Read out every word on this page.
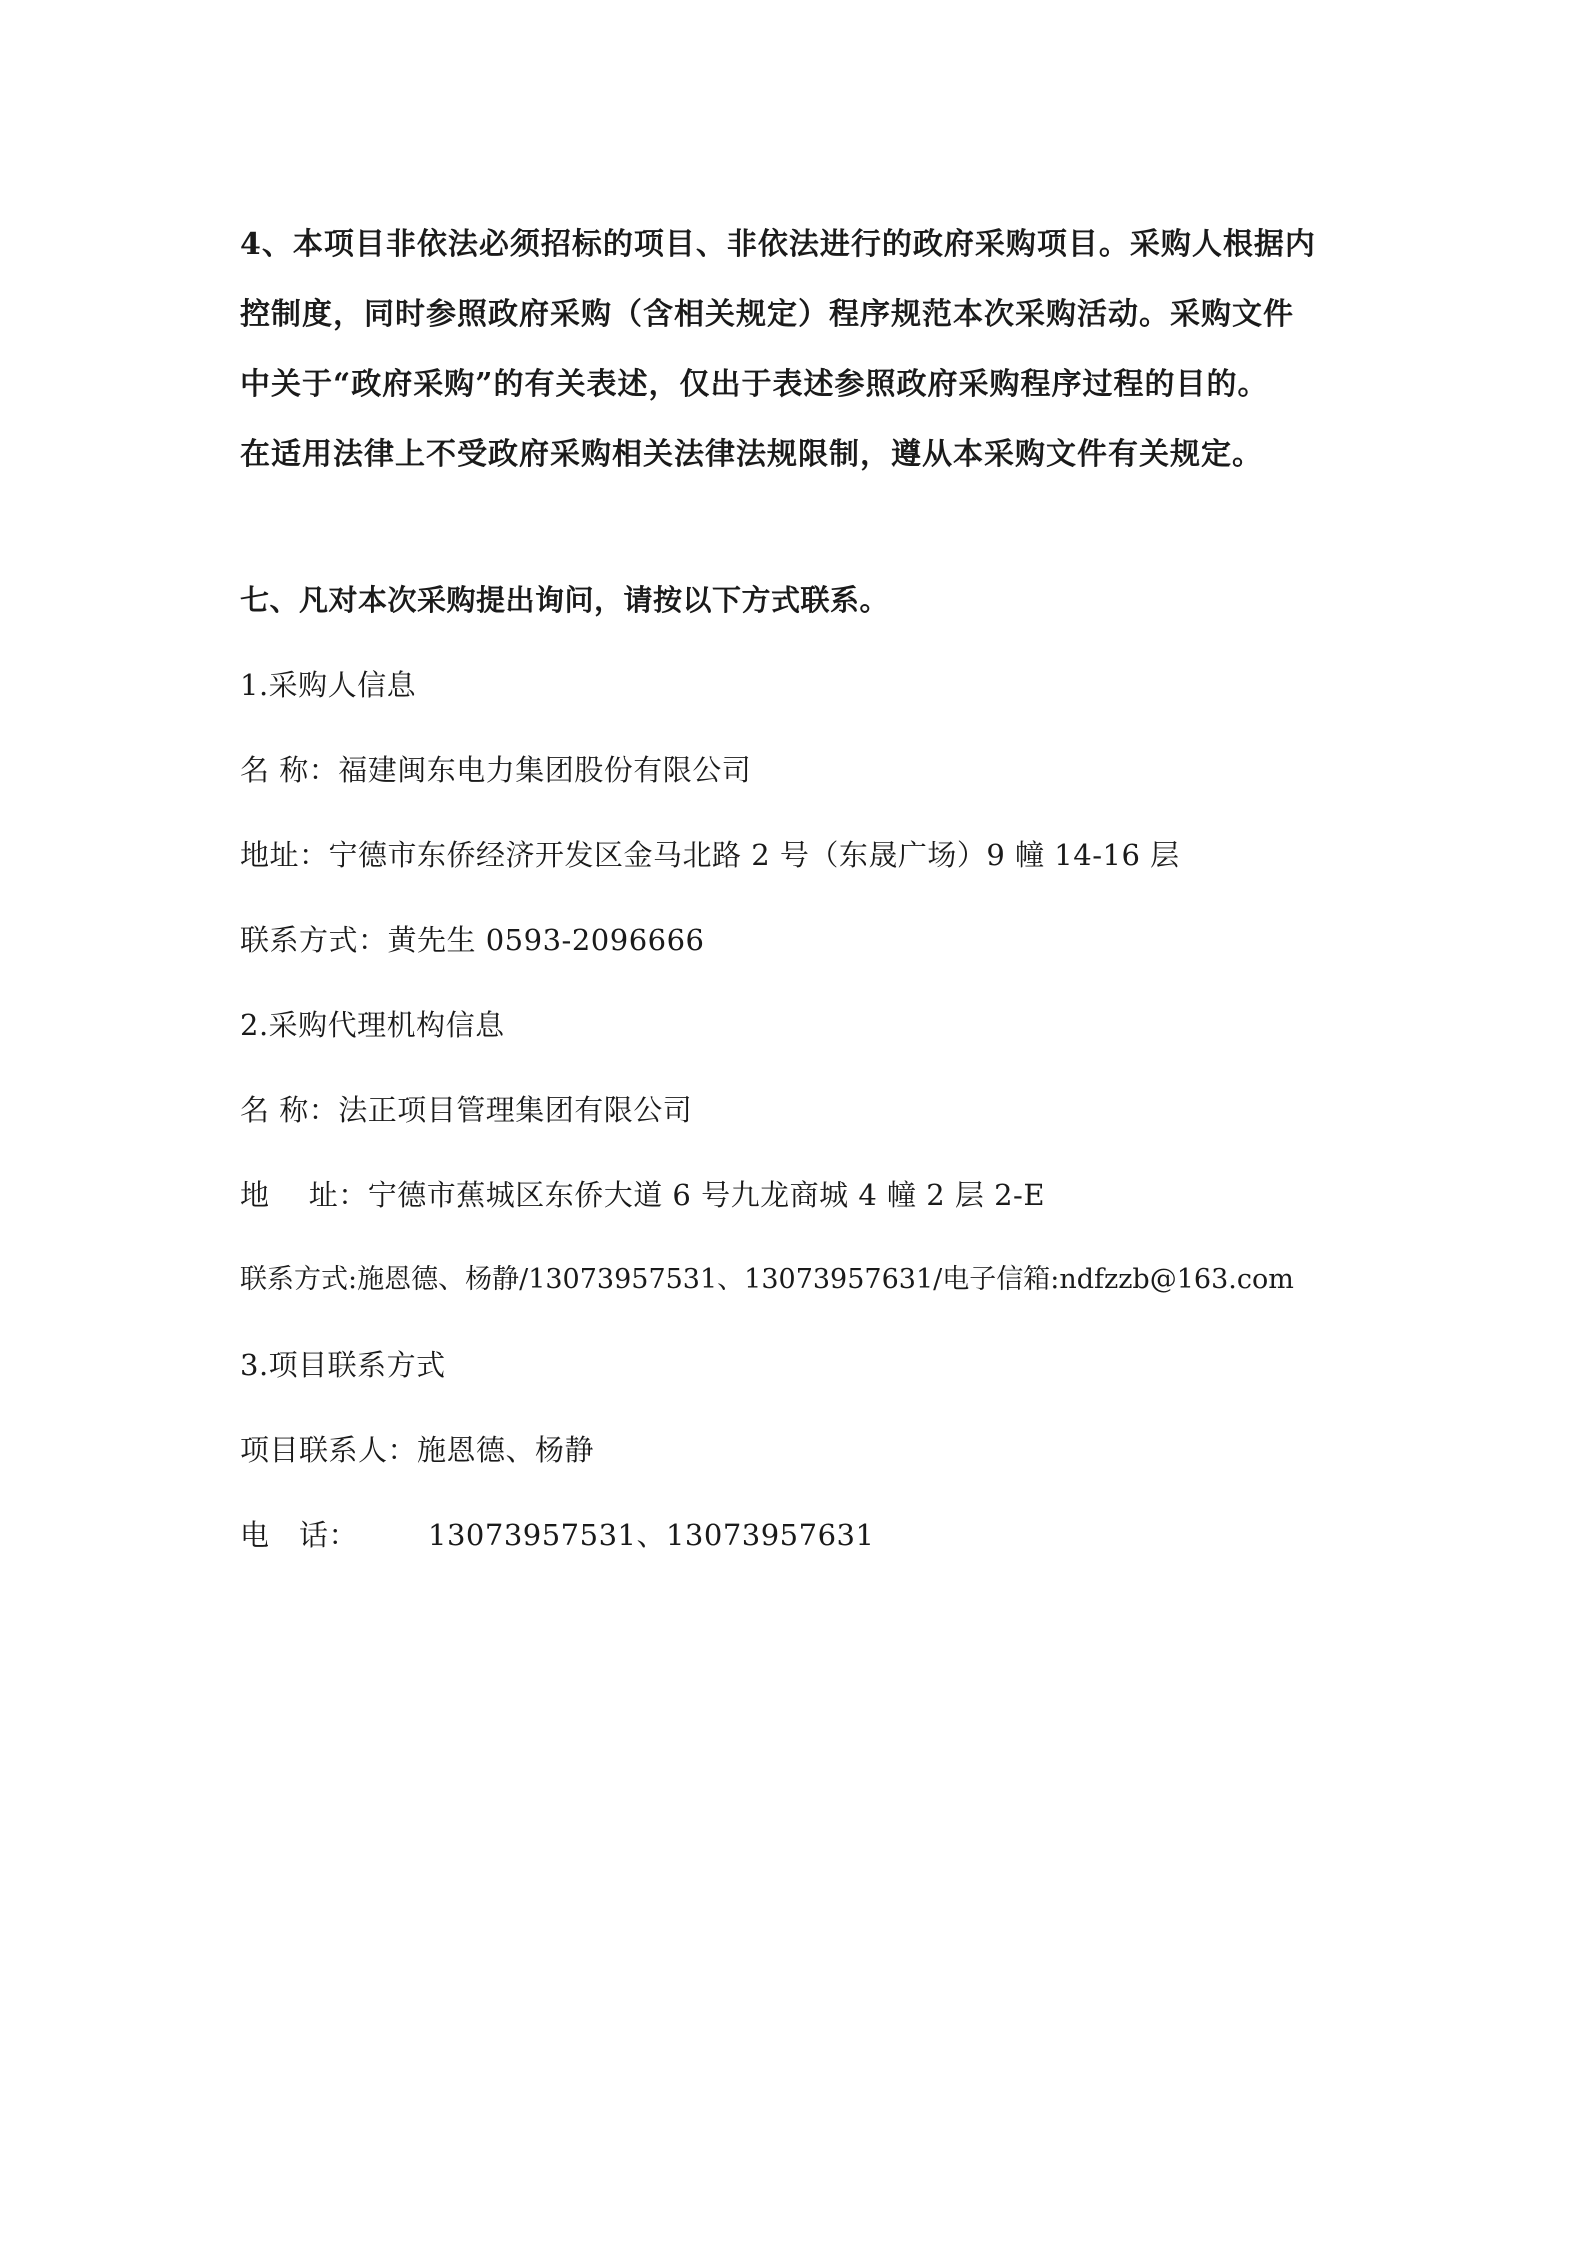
4、本项目非依法必须招标的项目、非依法进行的政府采购项目。采购人根据内
控制度，同时参照政府采购（含相关规定）程序规范本次采购活动。采购文件
中关于“政府采购”的有关表述，仅出于表述参照政府采购程序过程的目的。
在适用法律上不受政府采购相关法律法规限制，遵从本采购文件有关规定。
七、凡对本次采购提出询问，请按以下方式联系。
1.采购人信息
名 称：福建闽东电力集团股份有限公司
地址：宁德市东侨经济开发区金马北路 2 号（东晟广场）9 幢 14-16 层
联系方式：黄先生 0593-2096666
2.采购代理机构信息
名 称：法正项目管理集团有限公司
地　 址：宁德市蕉城区东侨大道 6 号九龙商城 4 幢 2 层 2-E
联系方式:施恩德、杨静/13073957531、13073957631/电子信箱:ndfzzb@163.com
3.项目联系方式
项目联系人：施恩德、杨静
电　话： 13073957531、13073957631
